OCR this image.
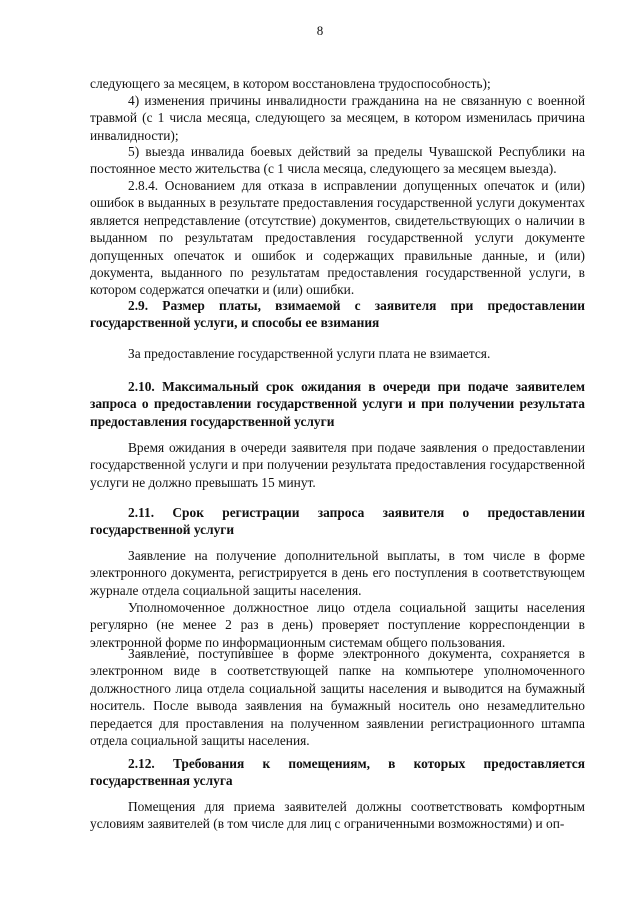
8
следующего за месяцем, в котором восстановлена трудоспособность);
4) изменения причины инвалидности гражданина на не связанную с военной травмой (с 1 числа месяца, следующего за месяцем, в котором изменилась причина инвалидности);
5) выезда инвалида боевых действий за пределы Чувашской Республики на постоянное место жительства (с 1 числа месяца, следующего за месяцем выезда).
2.8.4. Основанием для отказа в исправлении допущенных опечаток и (или) ошибок в выданных в результате предоставления государственной услуги документах является непредставление (отсутствие) документов, свидетельствующих о наличии в выданном по результатам предоставления государственной услуги документе допущенных опечаток и ошибок и содержащих правильные данные, и (или) документа, выданного по результатам предоставления государственной услуги, в котором содержатся опечатки и (или) ошибки.
2.9. Размер платы, взимаемой с заявителя при предоставлении государственной услуги, и способы ее взимания
За предоставление государственной услуги плата не взимается.
2.10. Максимальный срок ожидания в очереди при подаче заявителем запроса о предоставлении государственной услуги и при получении результата предоставления государственной услуги
Время ожидания в очереди заявителя при подаче заявления о предоставлении государственной услуги и при получении результата предоставления государственной услуги не должно превышать 15 минут.
2.11. Срок регистрации запроса заявителя о предоставлении государственной услуги
Заявление на получение дополнительной выплаты, в том числе в форме электронного документа, регистрируется в день его поступления в соответствующем журнале отдела социальной защиты населения.
Уполномоченное должностное лицо отдела социальной защиты населения регулярно (не менее 2 раз в день) проверяет поступление корреспонденции в электронной форме по информационным системам общего пользования.
Заявление, поступившее в форме электронного документа, сохраняется в электронном виде в соответствующей папке на компьютере уполномоченного должностного лица отдела социальной защиты населения и выводится на бумажный носитель. После вывода заявления на бумажный носитель оно незамедлительно передается для проставления на полученном заявлении регистрационного штампа отдела социальной защиты населения.
2.12. Требования к помещениям, в которых предоставляется государственная услуга
Помещения для приема заявителей должны соответствовать комфортным условиям заявителей (в том числе для лиц с ограниченными возможностями) и оп-
